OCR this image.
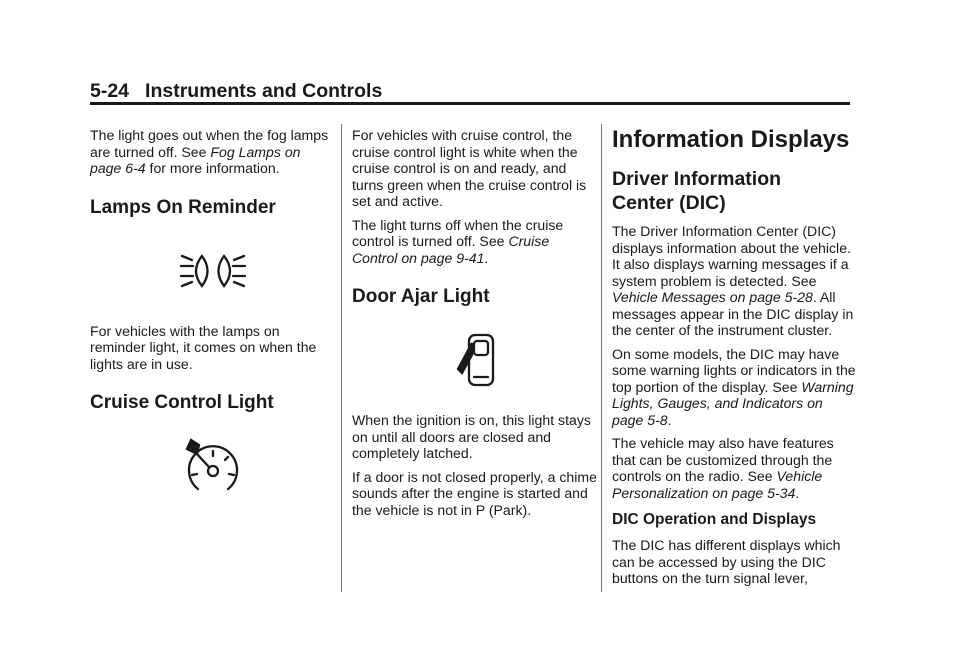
5-24 Instruments and Controls

The light goes out when the fog lamps are turned off. See Fog Lamps on page 6-4 for more information.

Lamps On Reminder

For vehicles with the lamps on reminder light, it comes on when the lights are in use.

Cruise Control Light

For vehicles with cruise control, the cruise control light is white when the cruise control is on and ready, and turns green when the cruise control is set and active.

The light turns off when the cruise control is turned off. See Cruise Control on page 9-41.

Door Ajar Light

When the ignition is on, this light stays on until all doors are closed and completely latched.

If a door is not closed properly, a chime sounds after the engine is started and the vehicle is not in P (Park).

Information Displays
Driver Information
Center (DIC)

The Driver Information Center (DIC) displays information about the vehicle. It also displays warning messages if a system problem is detected. See Vehicle Messages on page 5-28. All messages appear in the DIC display in the center of the instrument cluster.

On some models, the DIC may have some warning lights or indicators in the top portion of the display. See Warning Lights, Gauges, and Indicators on page 5-8.

The vehicle may also have features that can be customized through the controls on the radio. See Vehicle Personalization on page 5-34.

DIC Operation and Displays

The DIC has different displays which can be accessed by using the DIC buttons on the turn signal lever,
